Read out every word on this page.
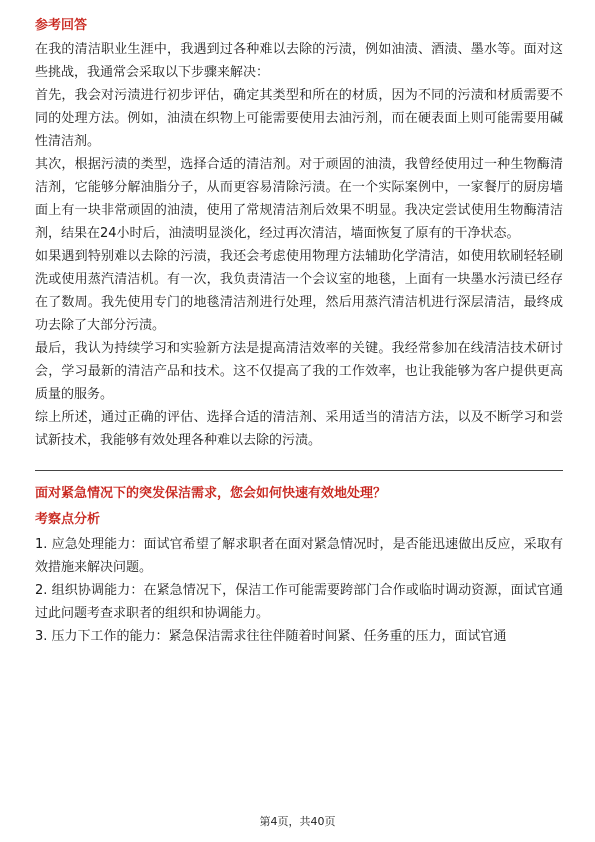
参考回答

在我的清洁职业生涯中，我遇到过各种难以去除的污渍，例如油渍、酒渍、墨水等。面对这些挑战，我通常会采取以下步骤来解决：

首先，我会对污渍进行初步评估，确定其类型和所在的材质，因为不同的污渍和材质需要不同的处理方法。例如，油渍在织物上可能需要使用去油污剂，而在硬表面上则可能需要用碱性清洁剂。

其次，根据污渍的类型，选择合适的清洁剂。对于顽固的油渍，我曾经使用过一种生物酶清洁剂，它能够分解油脂分子，从而更容易清除污渍。在一个实际案例中，一家餐厅的厨房墙面上有一块非常顽固的油渍，使用了常规清洁剂后效果不明显。我决定尝试使用生物酶清洁剂，结果在24小时后，油渍明显淡化，经过再次清洁，墙面恢复了原有的干净状态。

如果遇到特别难以去除的污渍，我还会考虑使用物理方法辅助化学清洁，如使用软刷轻轻刷洗或使用蒸汽清洁机。有一次，我负责清洁一个会议室的地毯，上面有一块墨水污渍已经存在了数周。我先使用专门的地毯清洁剂进行处理，然后用蒸汽清洁机进行深层清洁，最终成功去除了大部分污渍。

最后，我认为持续学习和实验新方法是提高清洁效率的关键。我经常参加在线清洁技术研讨会，学习最新的清洁产品和技术。这不仅提高了我的工作效率，也让我能够为客户提供更高质量的服务。

综上所述，通过正确的评估、选择合适的清洁剂、采用适当的清洁方法，以及不断学习和尝试新技术，我能够有效处理各种难以去除的污渍。

面对紧急情况下的突发保洁需求，您会如何快速有效地处理？

考察点分析

1. 应急处理能力：面试官希望了解求职者在面对紧急情况时，是否能迅速做出反应，采取有效措施来解决问题。

2. 组织协调能力：在紧急情况下，保洁工作可能需要跨部门合作或临时调动资源，面试官通过此问题考查求职者的组织和协调能力。

3. 压力下工作的能力：紧急保洁需求往往伴随着时间紧、任务重的压力，面试官通

第4页，共40页
